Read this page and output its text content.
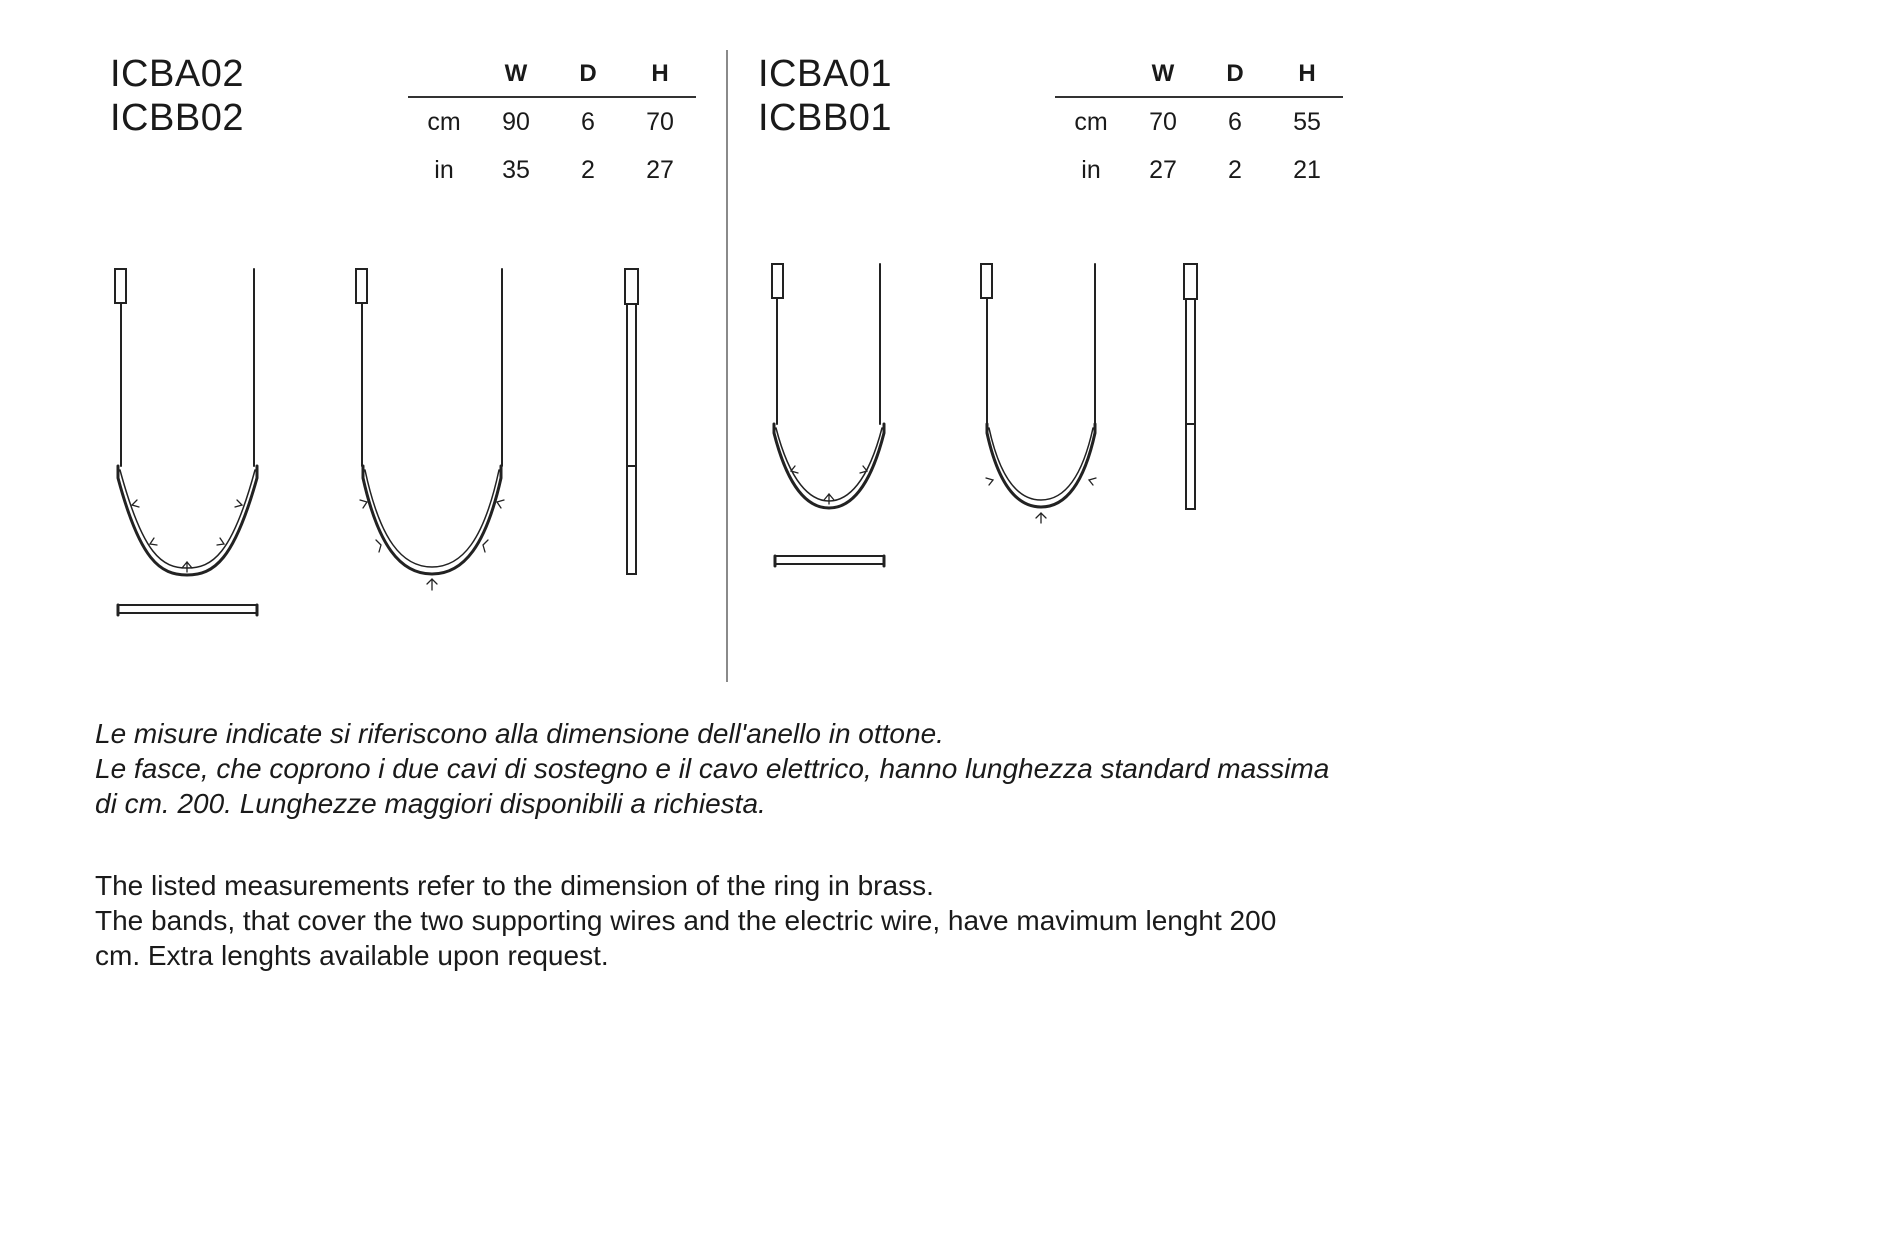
ICBA02
ICBB02
	W	D	H
cm	90	6	70
in	35	2	27
ICBA01
ICBB01
	W	D	H
cm	70	6	55
in	27	2	21

Le misure indicate si riferiscono alla dimensione dell'anello in ottone.

Le fasce, che coprono i due cavi di sostegno e il cavo elettrico, hanno lunghezza standard massima

di cm. 200. Lunghezze maggiori disponibili a richiesta.

The listed measurements refer to the dimension of the ring in brass.

The bands, that cover the two supporting wires and the electric wire, have mavimum lenght 200

cm. Extra lenghts available upon request.
